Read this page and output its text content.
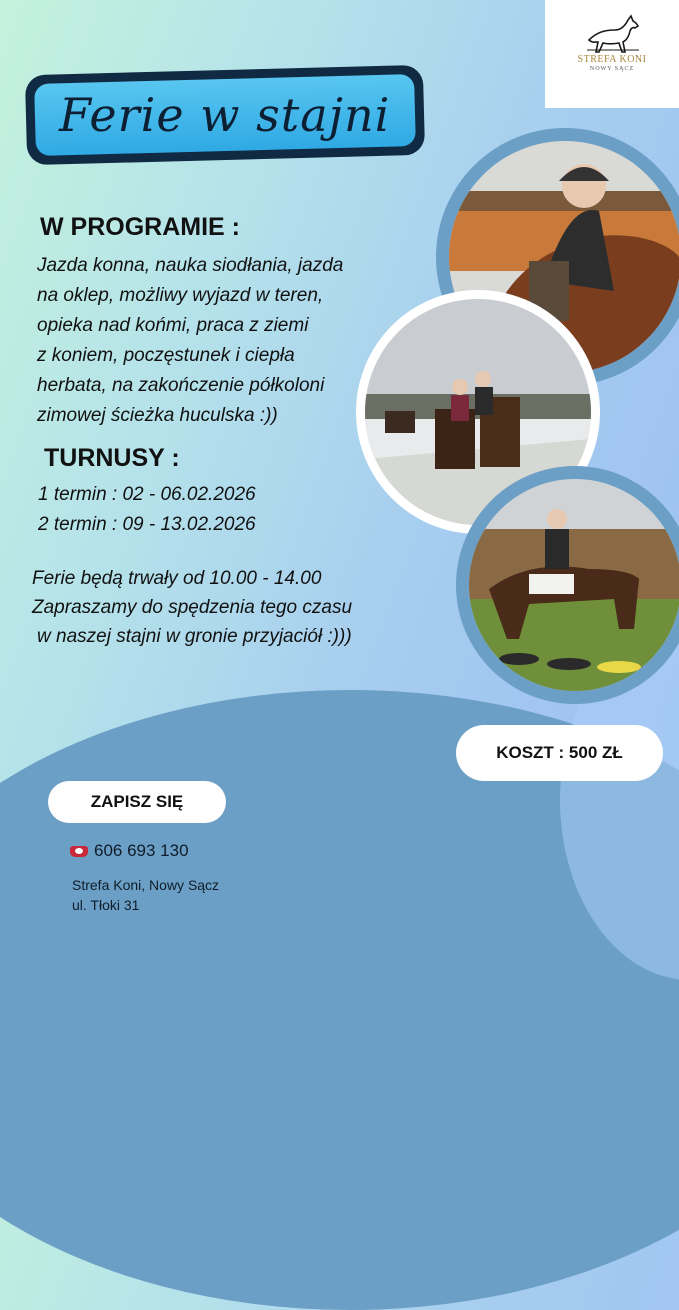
STREFA KONI
NOWY SĄCZ
Ferie w stajni
W PROGRAMIE :
Jazda konna, nauka siodłania, jazda
na oklep, możliwy wyjazd w teren,
opieka nad końmi, praca z ziemi
z koniem, poczęstunek i ciepła
herbata, na zakończenie półkoloni
zimowej ścieżka huculska :))
TURNUSY :
1 termin : 02 - 06.02.2026
2 termin : 09 - 13.02.2026
Ferie będą trwały od 10.00 - 14.00
Zapraszamy do spędzenia tego czasu
w naszej stajni w gronie przyjaciół :)))
KOSZT : 500 ZŁ
ZAPISZ SIĘ
606 693 130
Strefa Koni, Nowy Sącz
ul. Tłoki 31
